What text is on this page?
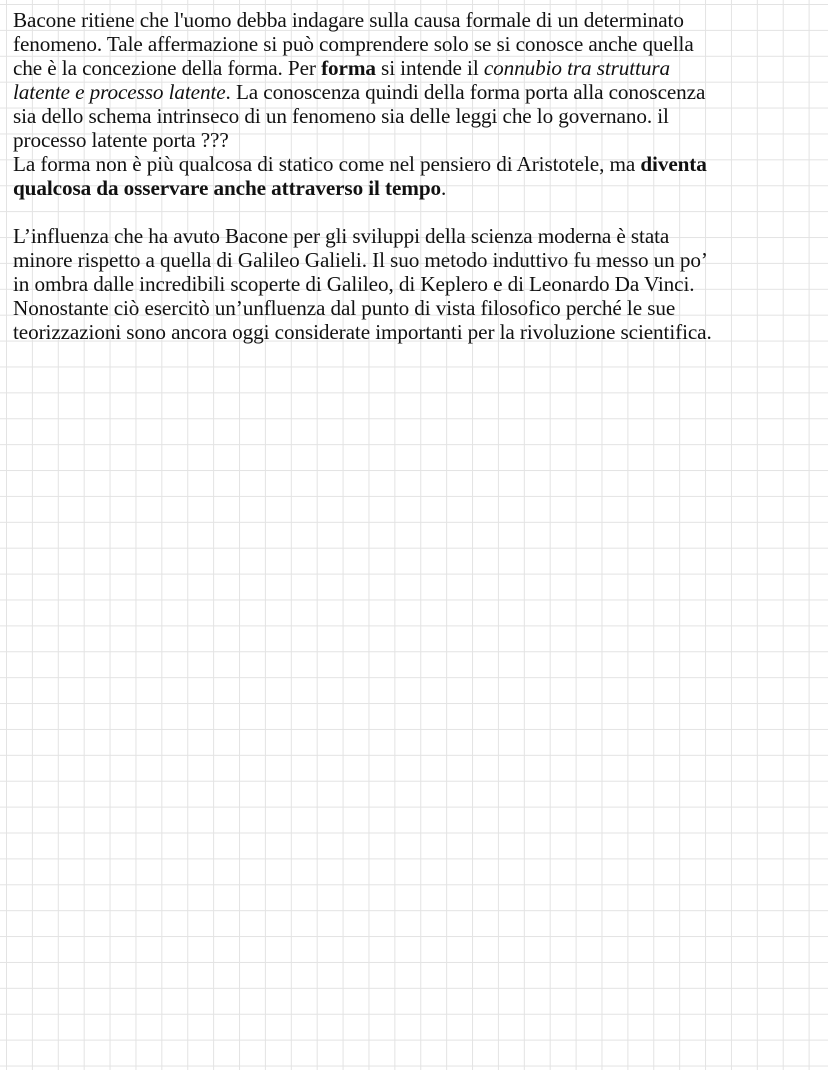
Bacone ritiene che l'uomo debba indagare sulla causa formale di un determinato
fenomeno. Tale affermazione si può comprendere solo se si conosce anche quella
che è la concezione della forma. Per forma si intende il connubio tra struttura
latente e processo latente. La conoscenza quindi della forma porta alla conoscenza
sia dello schema intrinseco di un fenomeno sia delle leggi che lo governano. il
processo latente porta ???
La forma non è più qualcosa di statico come nel pensiero di Aristotele, ma diventa
qualcosa da osservare anche attraverso il tempo.

L’influenza che ha avuto Bacone per gli sviluppi della scienza moderna è stata
minore rispetto a quella di Galileo Galieli. Il suo metodo induttivo fu messo un po’
in ombra dalle incredibili scoperte di Galileo, di Keplero e di Leonardo Da Vinci.
Nonostante ciò esercitò un’unfluenza dal punto di vista filosofico perché le sue
teorizzazioni sono ancora oggi considerate importanti per la rivoluzione scientifica.
